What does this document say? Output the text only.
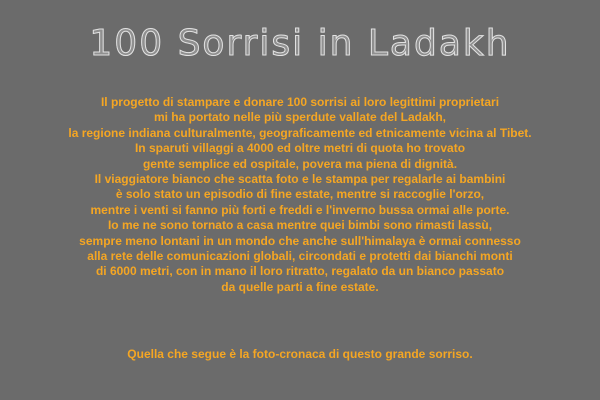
100 Sorrisi in Ladakh
Il progetto di stampare e donare 100 sorrisi ai loro legittimi proprietari
mi ha portato nelle più sperdute vallate del Ladakh,
la regione indiana culturalmente, geograficamente ed etnicamente vicina al Tibet.
In sparuti villaggi a 4000 ed oltre metri di quota ho trovato
gente semplice ed ospitale, povera ma piena di dignità.
Il viaggiatore bianco che scatta foto e le stampa per regalarle ai bambini
è solo stato un episodio di fine estate, mentre si raccoglie l'orzo,
mentre i venti si fanno più forti e freddi e l'inverno bussa ormai alle porte.
Io me ne sono tornato a casa mentre quei bimbi sono rimasti lassù,
sempre meno lontani in un mondo che anche sull'himalaya è ormai connesso
alla rete delle comunicazioni globali, circondati e protetti dai bianchi monti
di 6000 metri, con in mano il loro ritratto, regalato da un bianco passato
da quelle parti a fine estate.
Quella che segue è la foto-cronaca di questo grande sorriso.
